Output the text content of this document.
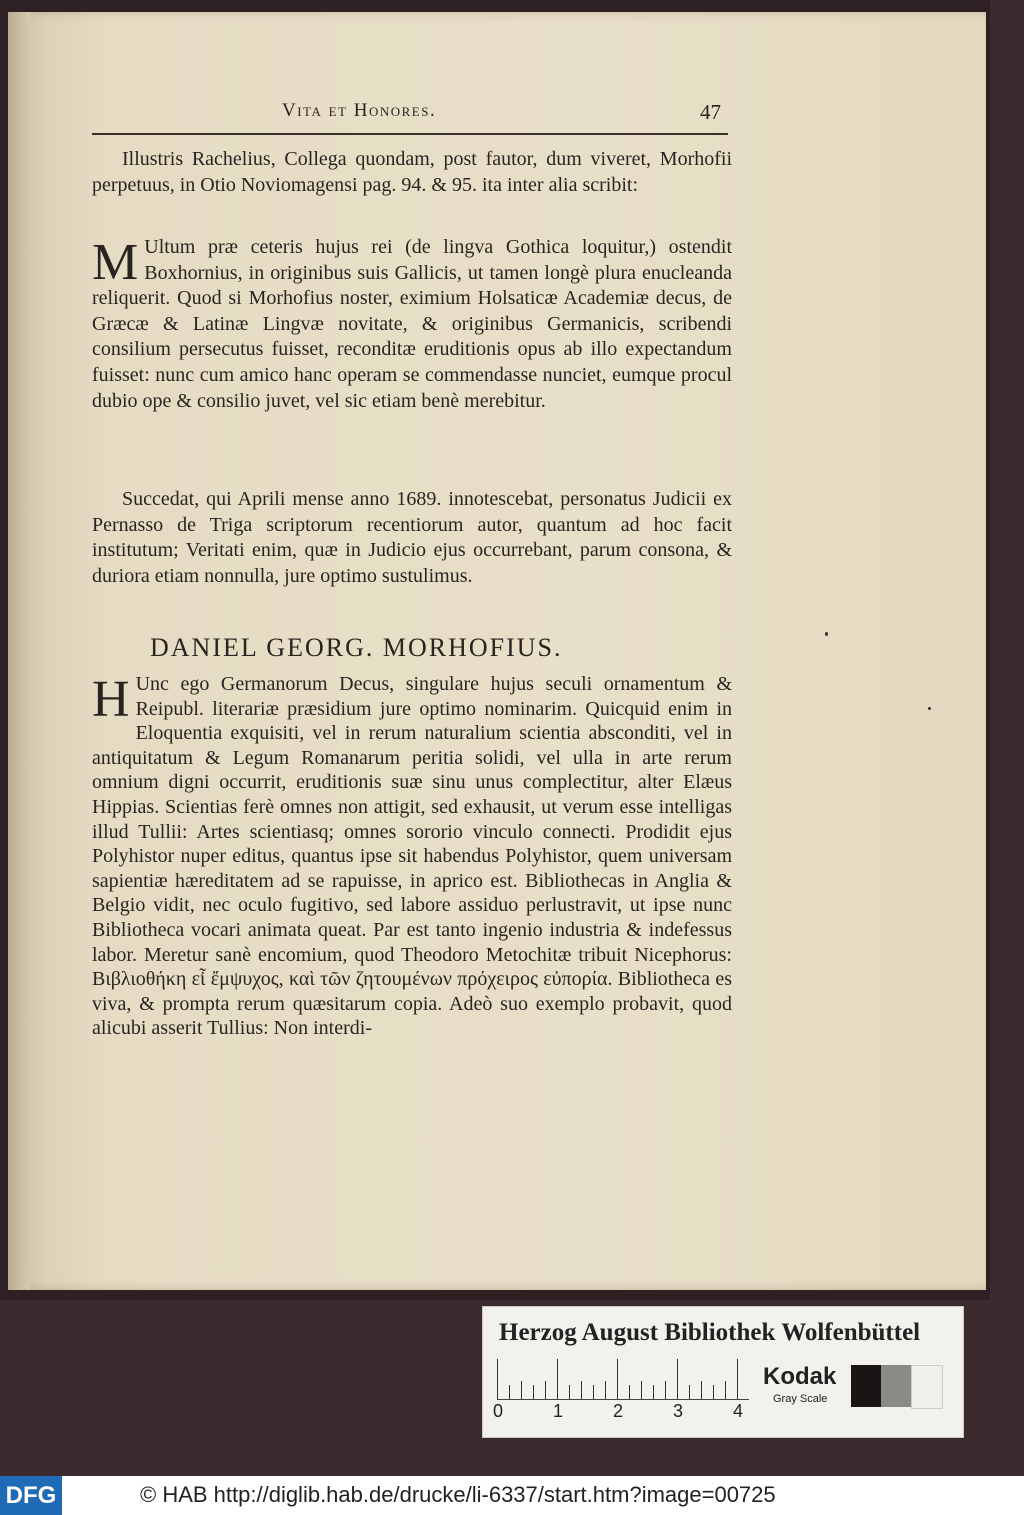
Vita et Honores.	47

Illustris Rachelius, Collega quondam, post fautor, dum viveret, Morhofii perpetuus, in Otio Noviomagensi pag. 94. & 95. ita inter alia scribit:

M Ultum præ ceteris hujus rei (de lingva Gothica loquitur,) ostendit Boxhornius, in originibus suis Gallicis, ut tamen longè plura enucleanda reliquerit. Quod si Morhofius noster, eximium Holsaticæ Academiæ decus, de Græcæ & Latinæ Lingvæ novitate, & originibus Germanicis, scribendi consilium persecutus fuisset, reconditæ eruditionis opus ab illo expectandum fuisset: nunc cum amico hanc operam se commendasse nunciet, eumque procul dubio ope & consilio juvet, vel sic etiam benè merebitur.

Succedat, qui Aprili mense anno 1689. innotescebat, personatus Judicii ex Pernasso de Triga scriptorum recentiorum autor, quantum ad hoc facit institutum; Veritati enim, quæ in Judicio ejus occurrebant, parum consona, & duriora etiam nonnulla, jure optimo sustulimus.

DANIEL GEORG. MORHOFIUS.
H Unc ego Germanorum Decus, singulare hujus seculi ornamentum & Reipubl. literariæ præsidium jure optimo nominarim. Quicquid enim in Eloquentia exquisiti, vel in rerum naturalium scientia absconditi, vel in antiquitatum & Legum Romanarum peritia solidi, vel ulla in arte rerum omnium digni occurrit, eruditionis suæ sinu unus complectitur, alter Elæus Hippias. Scientias ferè omnes non attigit, sed exhausit, ut verum esse intelligas illud Tullii: Artes scientiasq; omnes sororio vinculo connecti. Prodidit ejus Polyhistor nuper editus, quantus ipse sit habendus Polyhistor, quem universam sapientiæ hæreditatem ad se rapuisse, in aprico est. Bibliothecas in Anglia & Belgio vidit, nec oculo fugitivo, sed labore assiduo perlustravit, ut ipse nunc Bibliotheca vocari animata queat. Par est tanto ingenio industria & indefessus labor. Meretur sanè encomium, quod Theodoro Metochitæ tribuit Nicephorus: Βιβλιοθήκη εἶ ἔμψυχος, καὶ τῶν ζητουμένων πρόχειρος εὐπορία. Bibliotheca es viva, & prompta rerum quæsitarum copia. Adeò suo exemplo probavit, quod alicubi asserit Tullius: Non interdi-

Herzog August Bibliothek Wolfenbüttel
0	1	2	3	4
Kodak
Gray Scale
DFG	© HAB http://diglib.hab.de/drucke/li-6337/start.htm?image=00725
